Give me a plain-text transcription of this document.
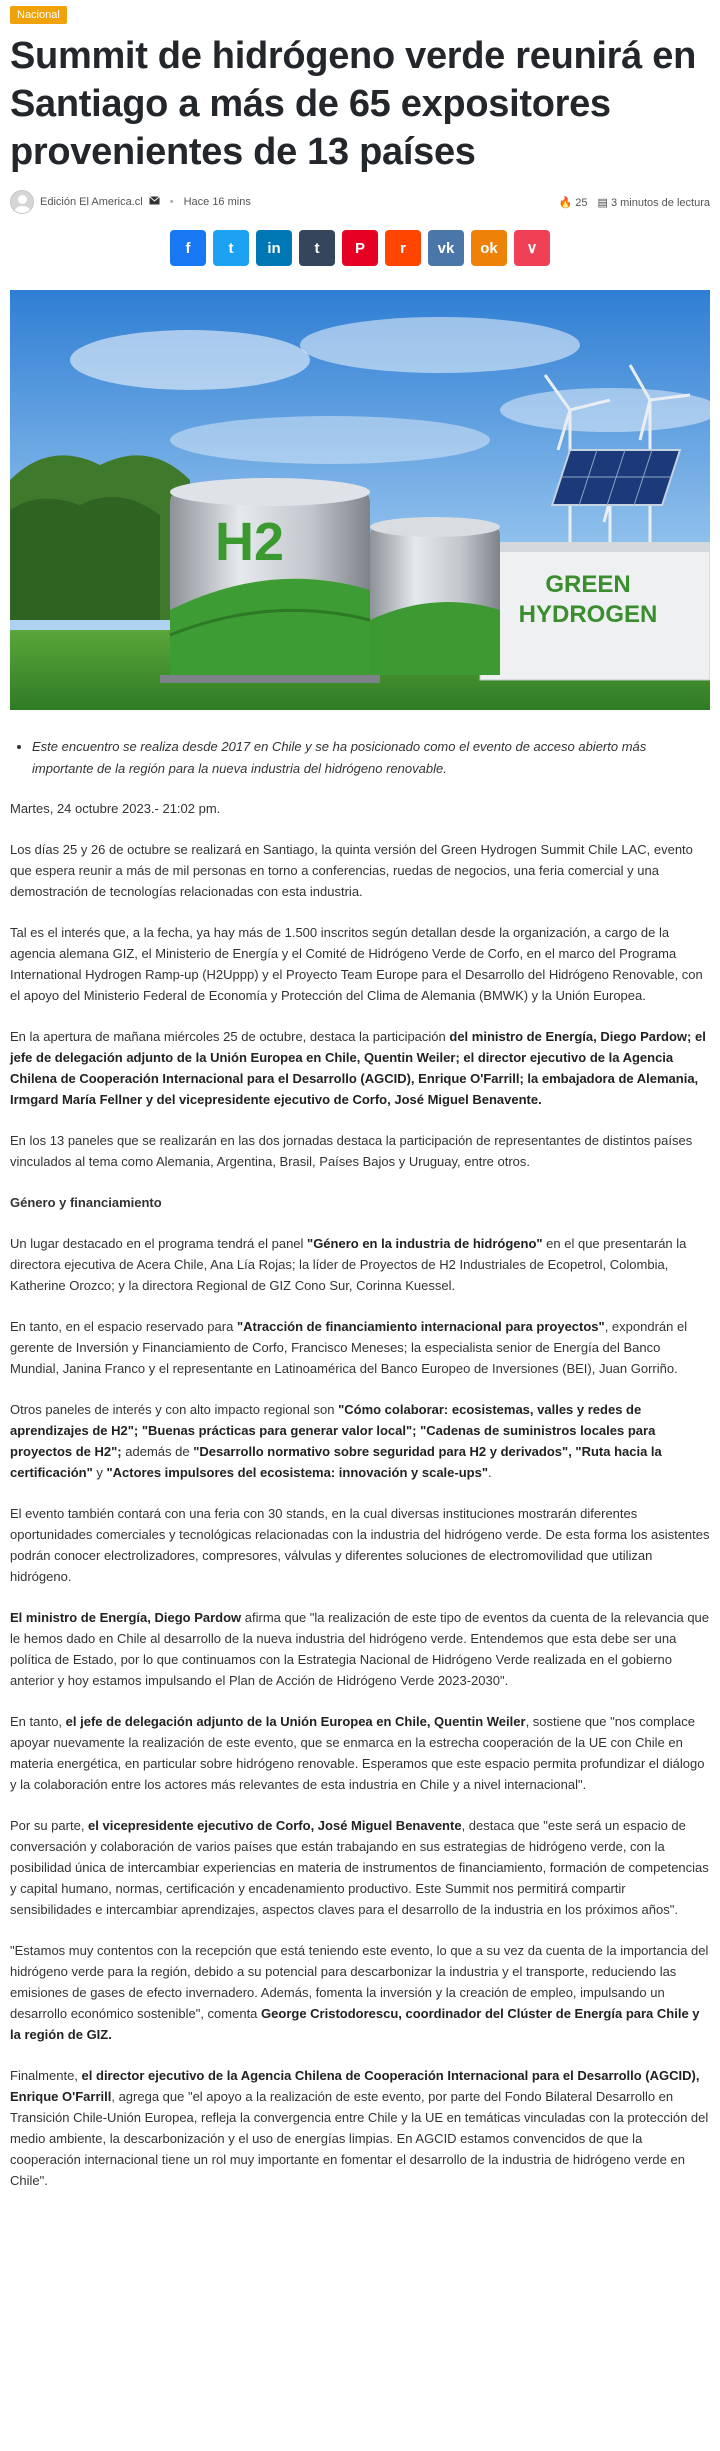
Nacional
Summit de hidrógeno verde reunirá en Santiago a más de 65 expositores provenientes de 13 países
Edición El America.cl • Hace 16 mins	🔥 25 ▤ 3 minutos de lectura
f	t in t P r vk ok ∨
GREEN
HYDROGEN
H2
• Este encuentro se realiza desde 2017 en Chile y se ha posicionado como el evento de acceso abierto más importante de la región para la nueva industria del hidrógeno renovable.

Martes, 24 octubre 2023.- 21:02 pm.

Los días 25 y 26 de octubre se realizará en Santiago, la quinta versión del Green Hydrogen Summit Chile LAC, evento que espera reunir a más de mil personas en torno a conferencias, ruedas de negocios, una feria comercial y una demostración de tecnologías relacionadas con esta industria.

Tal es el interés que, a la fecha, ya hay más de 1.500 inscritos según detallan desde la organización, a cargo de la agencia alemana GIZ, el Ministerio de Energía y el Comité de Hidrógeno Verde de Corfo, en el marco del Programa International Hydrogen Ramp-up (H2Uppp) y el Proyecto Team Europe para el Desarrollo del Hidrógeno Renovable, con el apoyo del Ministerio Federal de Economía y Protección del Clima de Alemania (BMWK) y la Unión Europea.

En la apertura de mañana miércoles 25 de octubre, destaca la participación del ministro de Energía, Diego Pardow; el jefe de delegación adjunto de la Unión Europea en Chile, Quentin Weiler; el director ejecutivo de la Agencia Chilena de Cooperación Internacional para el Desarrollo (AGCID), Enrique O'Farrill; la embajadora de Alemania, Irmgard María Fellner y del vicepresidente ejecutivo de Corfo, José Miguel Benavente.

En los 13 paneles que se realizarán en las dos jornadas destaca la participación de representantes de distintos países vinculados al tema como Alemania, Argentina, Brasil, Países Bajos y Uruguay, entre otros.

Género y financiamiento

Un lugar destacado en el programa tendrá el panel "Género en la industria de hidrógeno" en el que presentarán la directora ejecutiva de Acera Chile, Ana Lía Rojas; la líder de Proyectos de H2 Industriales de Ecopetrol, Colombia, Katherine Orozco; y la directora Regional de GIZ Cono Sur, Corinna Kuessel.

En tanto, en el espacio reservado para "Atracción de financiamiento internacional para proyectos", expondrán el gerente de Inversión y Financiamiento de Corfo, Francisco Meneses; la especialista senior de Energía del Banco Mundial, Janina Franco y el representante en Latinoamérica del Banco Europeo de Inversiones (BEI), Juan Gorriño.

Otros paneles de interés y con alto impacto regional son "Cómo colaborar: ecosistemas, valles y redes de aprendizajes de H2"; "Buenas prácticas para generar valor local"; "Cadenas de suministros locales para proyectos de H2"; además de "Desarrollo normativo sobre seguridad para H2 y derivados", "Ruta hacia la certificación" y "Actores impulsores del ecosistema: innovación y scale-ups".

El evento también contará con una feria con 30 stands, en la cual diversas instituciones mostrarán diferentes oportunidades comerciales y tecnológicas relacionadas con la industria del hidrógeno verde. De esta forma los asistentes podrán conocer electrolizadores, compresores, válvulas y diferentes soluciones de electromovilidad que utilizan hidrógeno.

El ministro de Energía, Diego Pardow afirma que "la realización de este tipo de eventos da cuenta de la relevancia que le hemos dado en Chile al desarrollo de la nueva industria del hidrógeno verde. Entendemos que esta debe ser una política de Estado, por lo que continuamos con la Estrategia Nacional de Hidrógeno Verde realizada en el gobierno anterior y hoy estamos impulsando el Plan de Acción de Hidrógeno Verde 2023-2030".

En tanto, el jefe de delegación adjunto de la Unión Europea en Chile, Quentin Weiler, sostiene que "nos complace apoyar nuevamente la realización de este evento, que se enmarca en la estrecha cooperación de la UE con Chile en materia energética, en particular sobre hidrógeno renovable. Esperamos que este espacio permita profundizar el diálogo y la colaboración entre los actores más relevantes de esta industria en Chile y a nivel internacional".

Por su parte, el vicepresidente ejecutivo de Corfo, José Miguel Benavente, destaca que "este será un espacio de conversación y colaboración de varios países que están trabajando en sus estrategias de hidrógeno verde, con la posibilidad única de intercambiar experiencias en materia de instrumentos de financiamiento, formación de competencias y capital humano, normas, certificación y encadenamiento productivo. Este Summit nos permitirá compartir sensibilidades e intercambiar aprendizajes, aspectos claves para el desarrollo de la industria en los próximos años".

"Estamos muy contentos con la recepción que está teniendo este evento, lo que a su vez da cuenta de la importancia del hidrógeno verde para la región, debido a su potencial para descarbonizar la industria y el transporte, reduciendo las emisiones de gases de efecto invernadero. Además, fomenta la inversión y la creación de empleo, impulsando un desarrollo económico sostenible", comenta George Cristodorescu, coordinador del Clúster de Energía para Chile y la región de GIZ.

Finalmente, el director ejecutivo de la Agencia Chilena de Cooperación Internacional para el Desarrollo (AGCID), Enrique O'Farrill, agrega que "el apoyo a la realización de este evento, por parte del Fondo Bilateral Desarrollo en Transición Chile-Unión Europea, refleja la convergencia entre Chile y la UE en temáticas vinculadas con la protección del medio ambiente, la descarbonización y el uso de energías limpias. En AGCID estamos convencidos de que la cooperación internacional tiene un rol muy importante en fomentar el desarrollo de la industria de hidrógeno verde en Chile".
